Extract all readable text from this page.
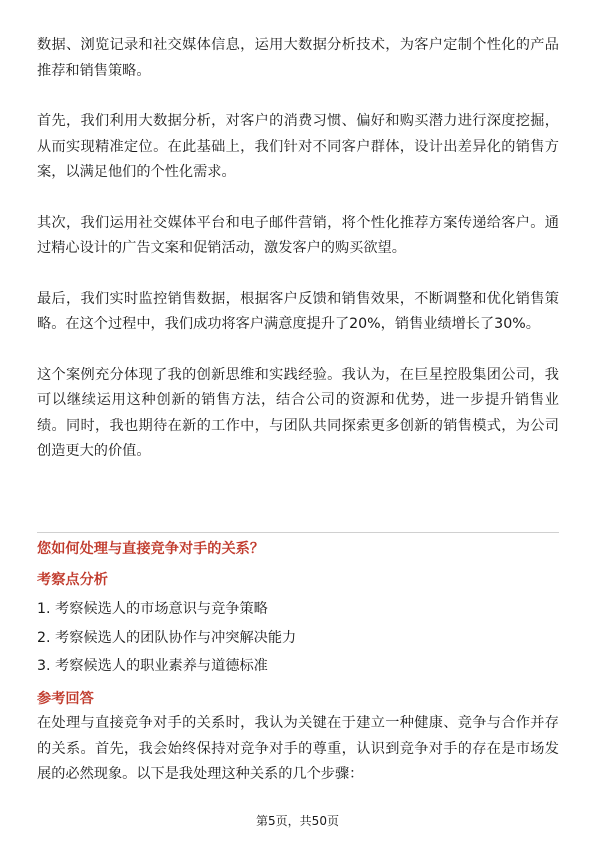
数据、浏览记录和社交媒体信息，运用大数据分析技术，为客户定制个性化的产品推荐和销售策略。

首先，我们利用大数据分析，对客户的消费习惯、偏好和购买潜力进行深度挖掘，从而实现精准定位。在此基础上，我们针对不同客户群体，设计出差异化的销售方案，以满足他们的个性化需求。

其次，我们运用社交媒体平台和电子邮件营销，将个性化推荐方案传递给客户。通过精心设计的广告文案和促销活动，激发客户的购买欲望。

最后，我们实时监控销售数据，根据客户反馈和销售效果，不断调整和优化销售策略。在这个过程中，我们成功将客户满意度提升了20%，销售业绩增长了30%。

这个案例充分体现了我的创新思维和实践经验。我认为，在巨星控股集团公司，我可以继续运用这种创新的销售方法，结合公司的资源和优势，进一步提升销售业绩。同时，我也期待在新的工作中，与团队共同探索更多创新的销售模式，为公司创造更大的价值。

您如何处理与直接竞争对手的关系？
考察点分析
1. 考察候选人的市场意识与竞争策略
2. 考察候选人的团队协作与冲突解决能力
3. 考察候选人的职业素养与道德标准
参考回答

在处理与直接竞争对手的关系时，我认为关键在于建立一种健康、竞争与合作并存的关系。首先，我会始终保持对竞争对手的尊重，认识到竞争对手的存在是市场发展的必然现象。以下是我处理这种关系的几个步骤：

第5页，共50页
